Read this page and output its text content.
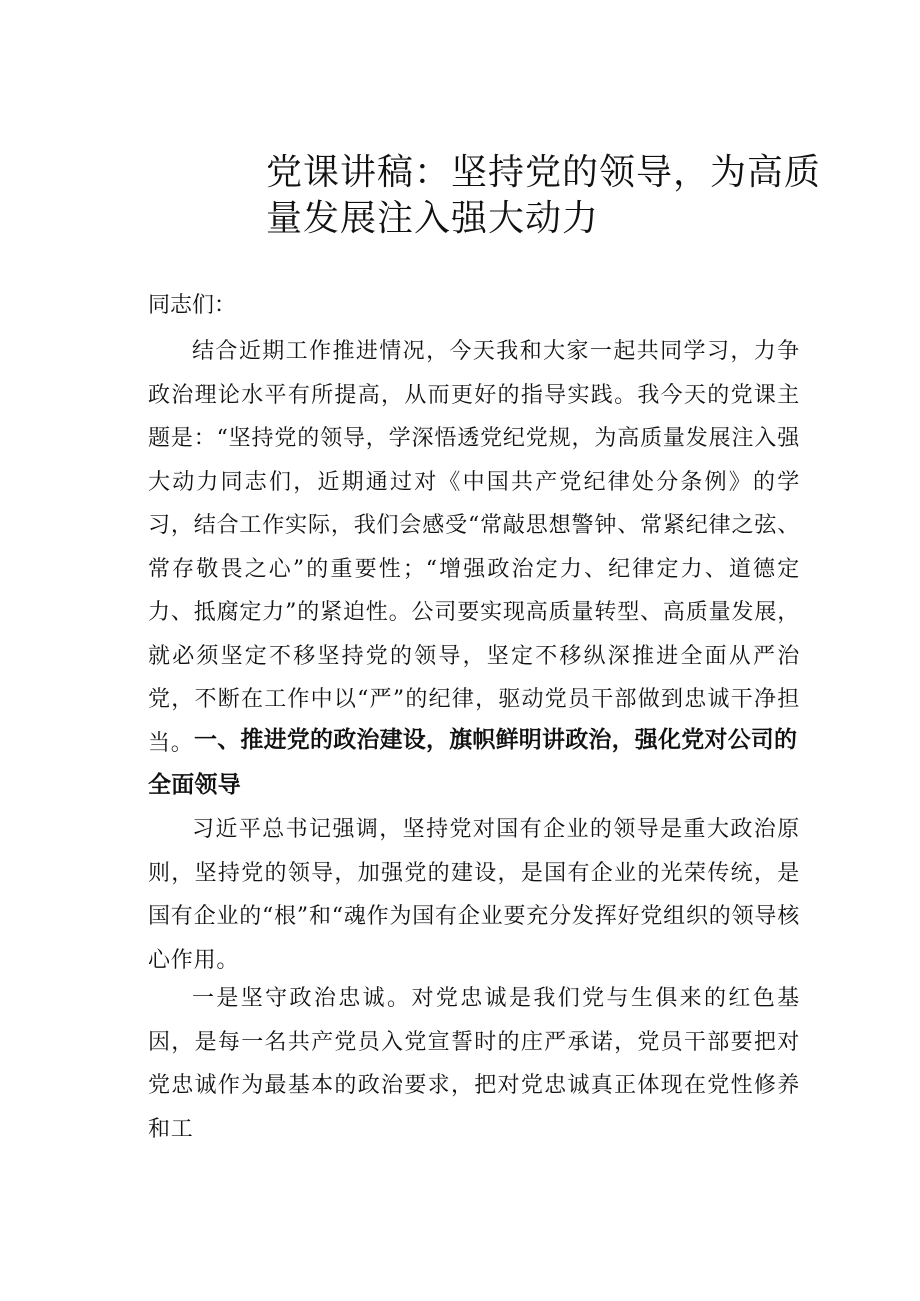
党课讲稿：坚持党的领导，为高质量发展注入强大动力

同志们：

结合近期工作推进情况，今天我和大家一起共同学习，力争政治理论水平有所提高，从而更好的指导实践。我今天的党课主题是：“坚持党的领导，学深悟透党纪党规，为高质量发展注入强大动力同志们，近期通过对《中国共产党纪律处分条例》的学习，结合工作实际，我们会感受“常敲思想警钟、常紧纪律之弦、常存敬畏之心”的重要性；“增强政治定力、纪律定力、道德定力、抵腐定力”的紧迫性。公司要实现高质量转型、高质量发展，就必须坚定不移坚持党的领导，坚定不移纵深推进全面从严治党，不断在工作中以“严”的纪律，驱动党员干部做到忠诚干净担当。 一、推进党的政治建设，旗帜鲜明讲政治，强化党对公司的全面领导

习近平总书记强调，坚持党对国有企业的领导是重大政治原则，坚持党的领导，加强党的建设，是国有企业的光荣传统，是国有企业的“根”和“魂作为国有企业要充分发挥好党组织的领导核心作用。

一是坚守政治忠诚。对党忠诚是我们党与生俱来的红色基因，是每一名共产党员入党宣誓时的庄严承诺，党员干部要把对党忠诚作为最基本的政治要求，把对党忠诚真正体现在党性修养和工
